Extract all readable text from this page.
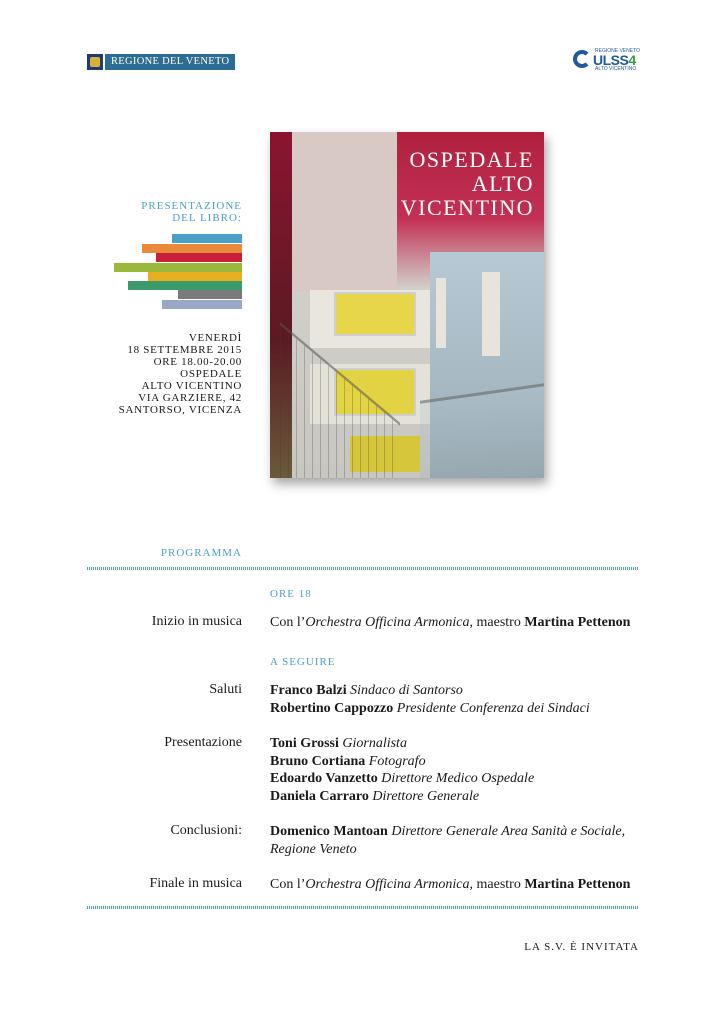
REGIONE DEL VENETO
REGIONE VENETO
ULSS4
ALTO VICENTINO
PRESENTAZIONE
DEL LIBRO:
VENERDÌ
18 SETTEMBRE 2015
ORE 18.00-20.00
OSPEDALE
ALTO VICENTINO
VIA GARZIERE, 42
SANTORSO, VICENZA
OSPEDALE
ALTO
VICENTINO
PROGRAMMA
ORE 18
Inizio in musica Con l’Orchestra Officina Armonica, maestro Martina Pettenon
Saluti Franco Balzi Sindaco di Santorso
Robertino Cappozzo Presidente Conferenza dei Sindaci
Presentazione Toni Grossi Giornalista
Bruno Cortiana Fotografo
Edoardo Vanzetto Direttore Medico Ospedale
Daniela Carraro Direttore Generale
Conclusioni: Domenico Mantoan Direttore Generale Area Sanità e Sociale,
Regione Veneto
Finale in musica Con l’Orchestra Officina Armonica, maestro Martina Pettenon
A SEGUIRE
LA S.V. È INVITATA
